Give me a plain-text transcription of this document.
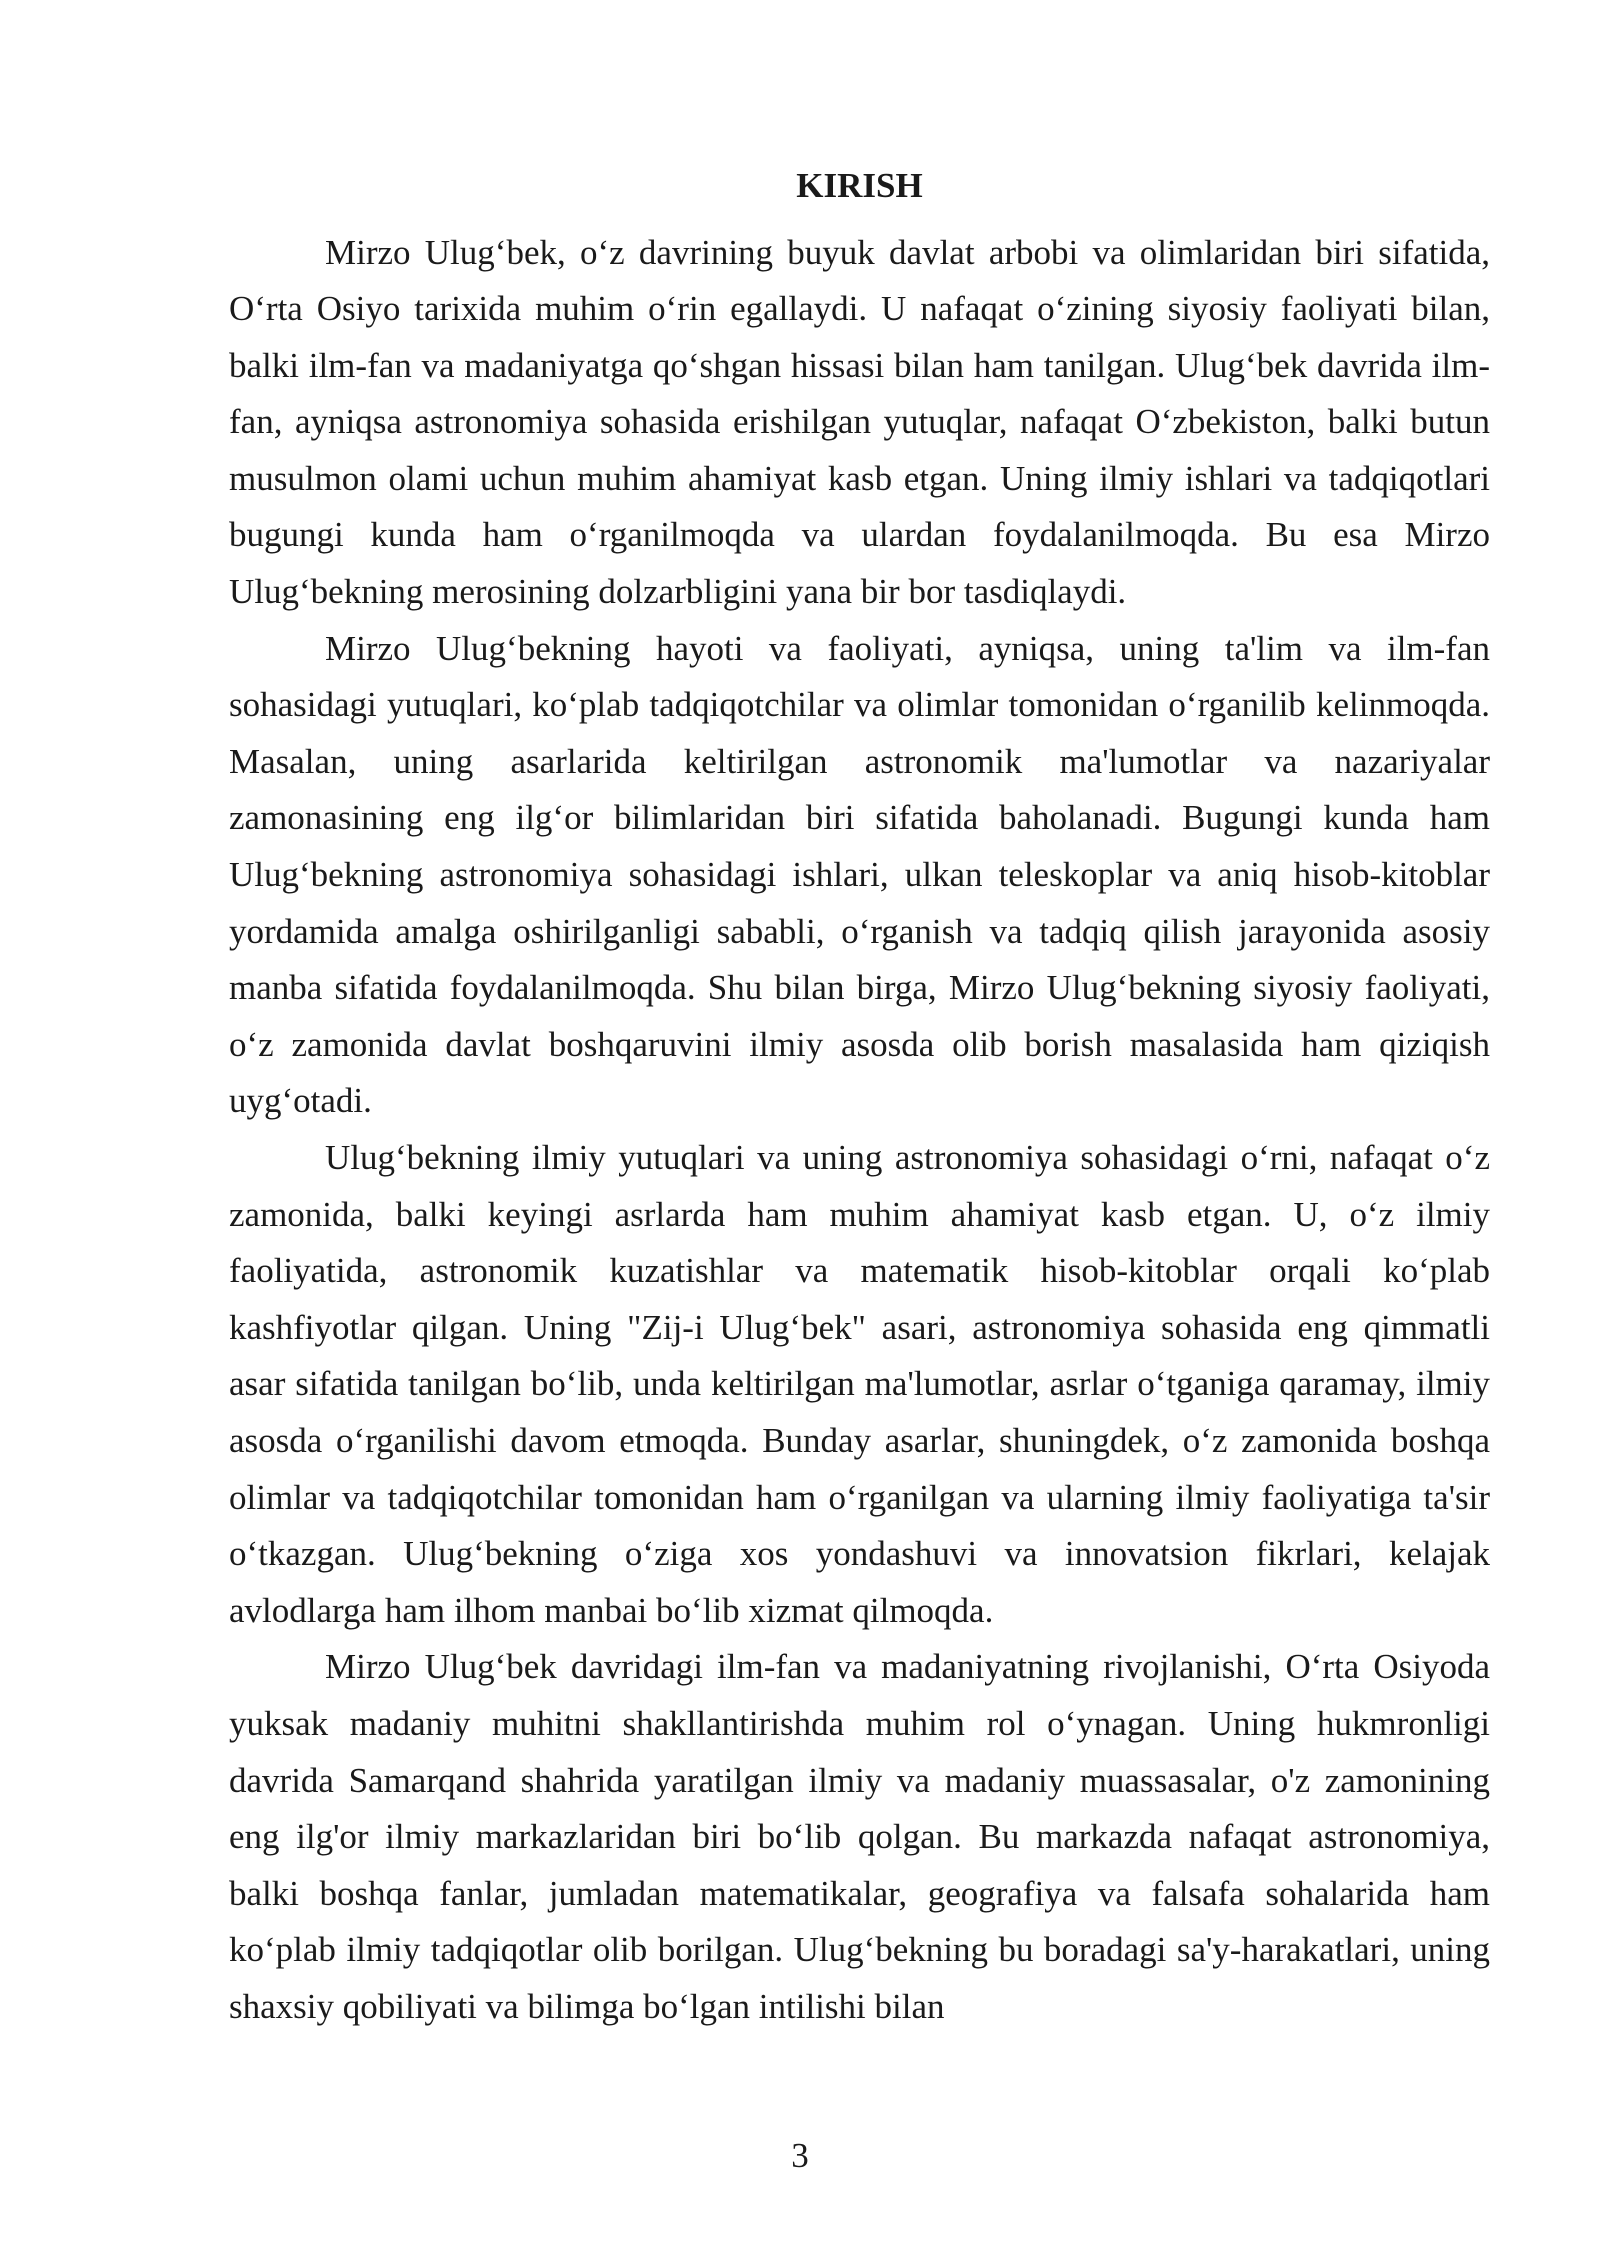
KIRISH

Mirzo Ulug‘bek, o‘z davrining buyuk davlat arbobi va olimlaridan biri sifatida, O‘rta Osiyo tarixida muhim o‘rin egallaydi. U nafaqat o‘zining siyosiy faoliyati bilan, balki ilm-fan va madaniyatga qo‘shgan hissasi bilan ham tanilgan. Ulug‘bek davrida ilm-fan, ayniqsa astronomiya sohasida erishilgan yutuqlar, nafaqat O‘zbekiston, balki butun musulmon olami uchun muhim ahamiyat kasb etgan. Uning ilmiy ishlari va tadqiqotlari bugungi kunda ham o‘rganilmoqda va ulardan foydalanilmoqda. Bu esa Mirzo Ulug‘bekning merosining dolzarbligini yana bir bor tasdiqlaydi.

Mirzo Ulug‘bekning hayoti va faoliyati, ayniqsa, uning ta'lim va ilm-fan sohasidagi yutuqlari, ko‘plab tadqiqotchilar va olimlar tomonidan o‘rganilib kelinmoqda. Masalan, uning asarlarida keltirilgan astronomik ma'lumotlar va nazariyalar zamonasining eng ilg‘or bilimlaridan biri sifatida baholanadi. Bugungi kunda ham Ulug‘bekning astronomiya sohasidagi ishlari, ulkan teleskoplar va aniq hisob-kitoblar yordamida amalga oshirilganligi sababli, o‘rganish va tadqiq qilish jarayonida asosiy manba sifatida foydalanilmoqda. Shu bilan birga, Mirzo Ulug‘bekning siyosiy faoliyati, o‘z zamonida davlat boshqaruvini ilmiy asosda olib borish masalasida ham qiziqish uyg‘otadi.

Ulug‘bekning ilmiy yutuqlari va uning astronomiya sohasidagi o‘rni, nafaqat o‘z zamonida, balki keyingi asrlarda ham muhim ahamiyat kasb etgan. U, o‘z ilmiy faoliyatida, astronomik kuzatishlar va matematik hisob-kitoblar orqali ko‘plab kashfiyotlar qilgan. Uning "Zij-i Ulug‘bek" asari, astronomiya sohasida eng qimmatli asar sifatida tanilgan bo‘lib, unda keltirilgan ma'lumotlar, asrlar o‘tganiga qaramay, ilmiy asosda o‘rganilishi davom etmoqda. Bunday asarlar, shuningdek, o‘z zamonida boshqa olimlar va tadqiqotchilar tomonidan ham o‘rganilgan va ularning ilmiy faoliyatiga ta'sir o‘tkazgan. Ulug‘bekning o‘ziga xos yondashuvi va innovatsion fikrlari, kelajak avlodlarga ham ilhom manbai bo‘lib xizmat qilmoqda.

Mirzo Ulug‘bek davridagi ilm-fan va madaniyatning rivojlanishi, O‘rta Osiyoda yuksak madaniy muhitni shakllantirishda muhim rol o‘ynagan. Uning hukmronligi davrida Samarqand shahrida yaratilgan ilmiy va madaniy muassasalar, o'z zamonining eng ilg'or ilmiy markazlaridan biri bo‘lib qolgan. Bu markazda nafaqat astronomiya, balki boshqa fanlar, jumladan matematikalar, geografiya va falsafa sohalarida ham ko‘plab ilmiy tadqiqotlar olib borilgan. Ulug‘bekning bu boradagi sa'y-harakatlari, uning shaxsiy qobiliyati va bilimga bo‘lgan intilishi bilan

3
